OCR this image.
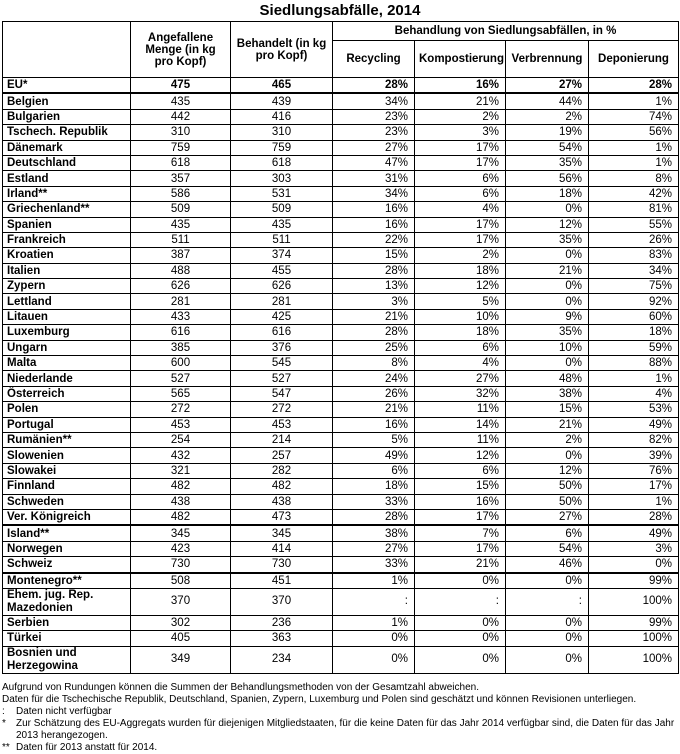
Siedlungsabfälle, 2014
	Angefallene Menge (in kg pro Kopf)	Behandelt (in kg pro Kopf)	Behandlung von Siedlungsabfällen, in %			
			Recycling	Kompostierung	Verbrennung	Deponierung
EU*	475	465	28%	16%	27%	28%
Belgien	435	439	34%	21%	44%	1%
Bulgarien	442	416	23%	2%	2%	74%
Tschech. Republik	310	310	23%	3%	19%	56%
Dänemark	759	759	27%	17%	54%	1%
Deutschland	618	618	47%	17%	35%	1%
Estland	357	303	31%	6%	56%	8%
Irland**	586	531	34%	6%	18%	42%
Griechenland**	509	509	16%	4%	0%	81%
Spanien	435	435	16%	17%	12%	55%
Frankreich	511	511	22%	17%	35%	26%
Kroatien	387	374	15%	2%	0%	83%
Italien	488	455	28%	18%	21%	34%
Zypern	626	626	13%	12%	0%	75%
Lettland	281	281	3%	5%	0%	92%
Litauen	433	425	21%	10%	9%	60%
Luxemburg	616	616	28%	18%	35%	18%
Ungarn	385	376	25%	6%	10%	59%
Malta	600	545	8%	4%	0%	88%
Niederlande	527	527	24%	27%	48%	1%
Österreich	565	547	26%	32%	38%	4%
Polen	272	272	21%	11%	15%	53%
Portugal	453	453	16%	14%	21%	49%
Rumänien**	254	214	5%	11%	2%	82%
Slowenien	432	257	49%	12%	0%	39%
Slowakei	321	282	6%	6%	12%	76%
Finnland	482	482	18%	15%	50%	17%
Schweden	438	438	33%	16%	50%	1%
Ver. Königreich	482	473	28%	17%	27%	28%
Island**	345	345	38%	7%	6%	49%
Norwegen	423	414	27%	17%	54%	3%
Schweiz	730	730	33%	21%	46%	0%
Montenegro**	508	451	1%	0%	0%	99%
Ehem. jug. Rep. Mazedonien	370	370	:	:	:	100%
Serbien	302	236	1%	0%	0%	99%
Türkei	405	363	0%	0%	0%	100%
Bosnien und Herzegowina	349	234	0%	0%	0%	100%
Aufgrund von Rundungen können die Summen der Behandlungsmethoden von der Gesamtzahl abweichen.
Daten für die Tschechische Republik, Deutschland, Spanien, Zypern, Luxemburg und Polen sind geschätzt und können Revisionen unterliegen.
:	Daten nicht verfügbar
*	Zur Schätzung des EU-Aggregats wurden für diejenigen Mitgliedstaaten, für die keine Daten für das Jahr 2014 verfügbar sind, die Daten für das Jahr 2013 herangezogen.
** Daten für 2013 anstatt für 2014.
